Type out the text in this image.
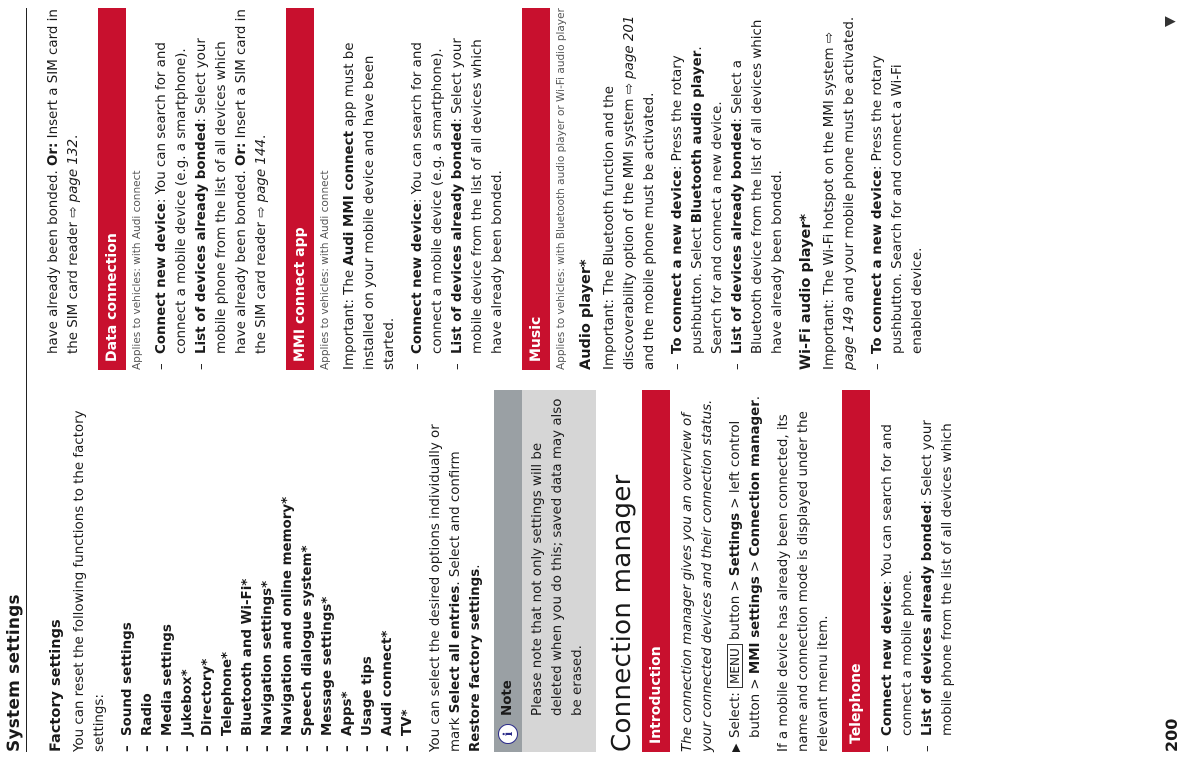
System settings Factory settings You can reset the following functions to the factory settings: – Sound settings – Radio – Media settings – Jukebox* – Directory* – Telephone* – Bluetooth and Wi-Fi* – Navigation settings* – Navigation and online memory* – Speech dialogue system* – Message settings* – Apps* – Usage tips – Audi connect* – TV* You can select the desired options individually or mark Select all entries. Select and confirm Restore factory settings.

i
Note	Please note that not only settings will be deleted when you do this; saved data may also be erased. Connection manager Introduction	The connection manager gives you an overview of your connected devices and their connection status. ▶
Select: MENU button > Settings > left control button > MMI settings > Connection manager.

If a mobile device has already been connected, its name and connection mode is displayed under the relevant menu item.	Telephone	– Connect new device: You can search for and connect a mobile phone. – List of devices already bonded: Select your mobile phone from the list of all devices which

have already been bonded. Or: Insert a SIM card in the SIM card reader ⇨ page 132.

Data connection	Applies to vehicles: with Audi connect – Connect new device: You can search for and connect a mobile device (e.g. a smartphone). – List of devices already bonded: Select your mobile phone from the list of all devices which have already been bonded. Or: Insert a SIM card in the SIM card reader ⇨ page 144.
MMI connect app	Applies to vehicles: with Audi connect Important: The Audi MMI connect app must be installed on your mobile device and have been started. – Connect new device: You can search for and connect a mobile device (e.g. a smartphone). – List of devices already bonded: Select your mobile device from the list of all devices which have already been bonded.	Music	Applies to vehicles: with Bluetooth audio player or Wi-Fi audio player Audio player* Important: The Bluetooth function and the discoverability option of the MMI system ⇨ page 201 and the mobile phone must be activated. – To connect a new device: Press the rotary pushbutton. Select Bluetooth audio player. Search for and connect a new device. – List of devices already bonded: Select a Bluetooth device from the list of all devices which have already been bonded. Wi-Fi audio player* Important: The Wi-Fi hotspot on the MMI system ⇨ page 149 and your mobile phone must be activated. – To connect a new device: Press the rotary pushbutton. Search for and connect a Wi-Fi enabled device.
200
▼
